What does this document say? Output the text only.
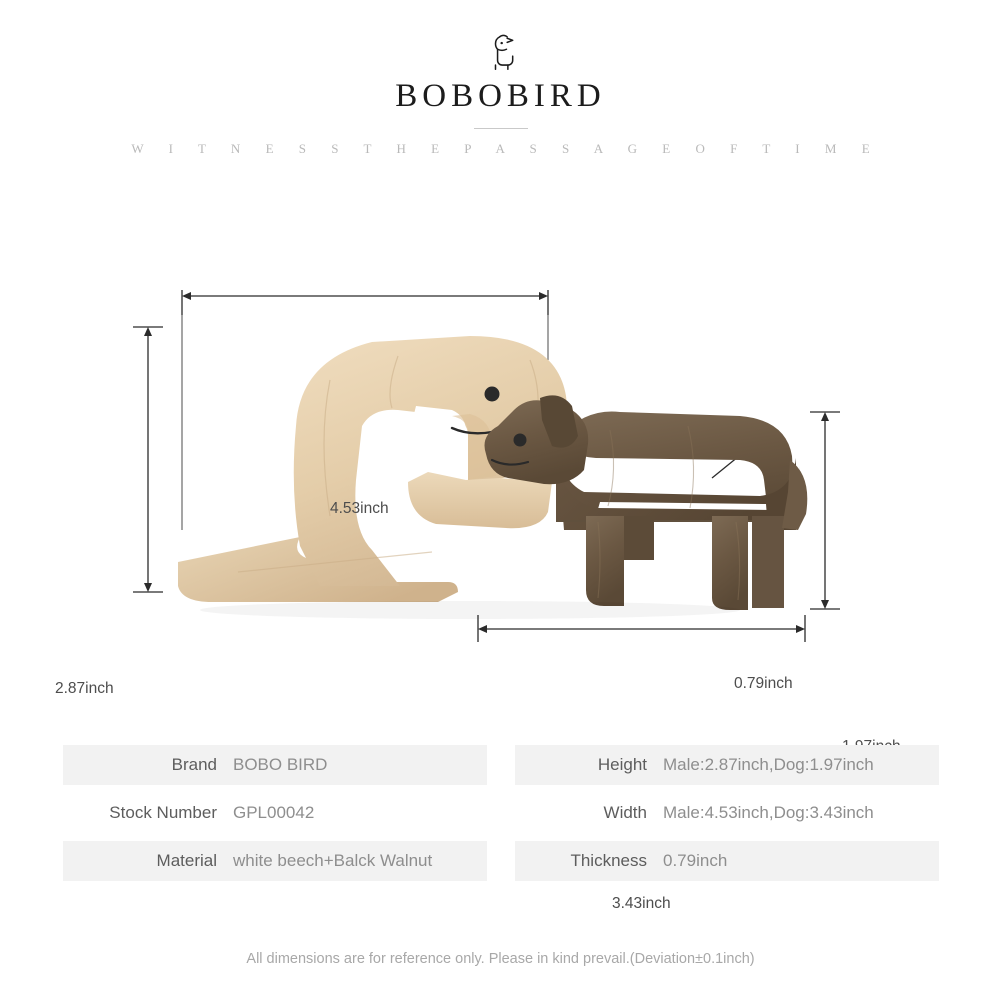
BOBOBIRD
W I T N E S S T H E P A S S A G E O F T I M E
4.53inch
2.87inch	0.79inch
3.43inch
Brand BOBO BIRD
Stock Number GPL00042
Material white beech+Balck Walnut
Height Male:2.87inch,Dog:1.97inch
Width Male:4.53inch,Dog:3.43inch
Thickness 0.79inch
All dimensions are for reference only. Please in kind prevail.(Deviation±0.1inch)
